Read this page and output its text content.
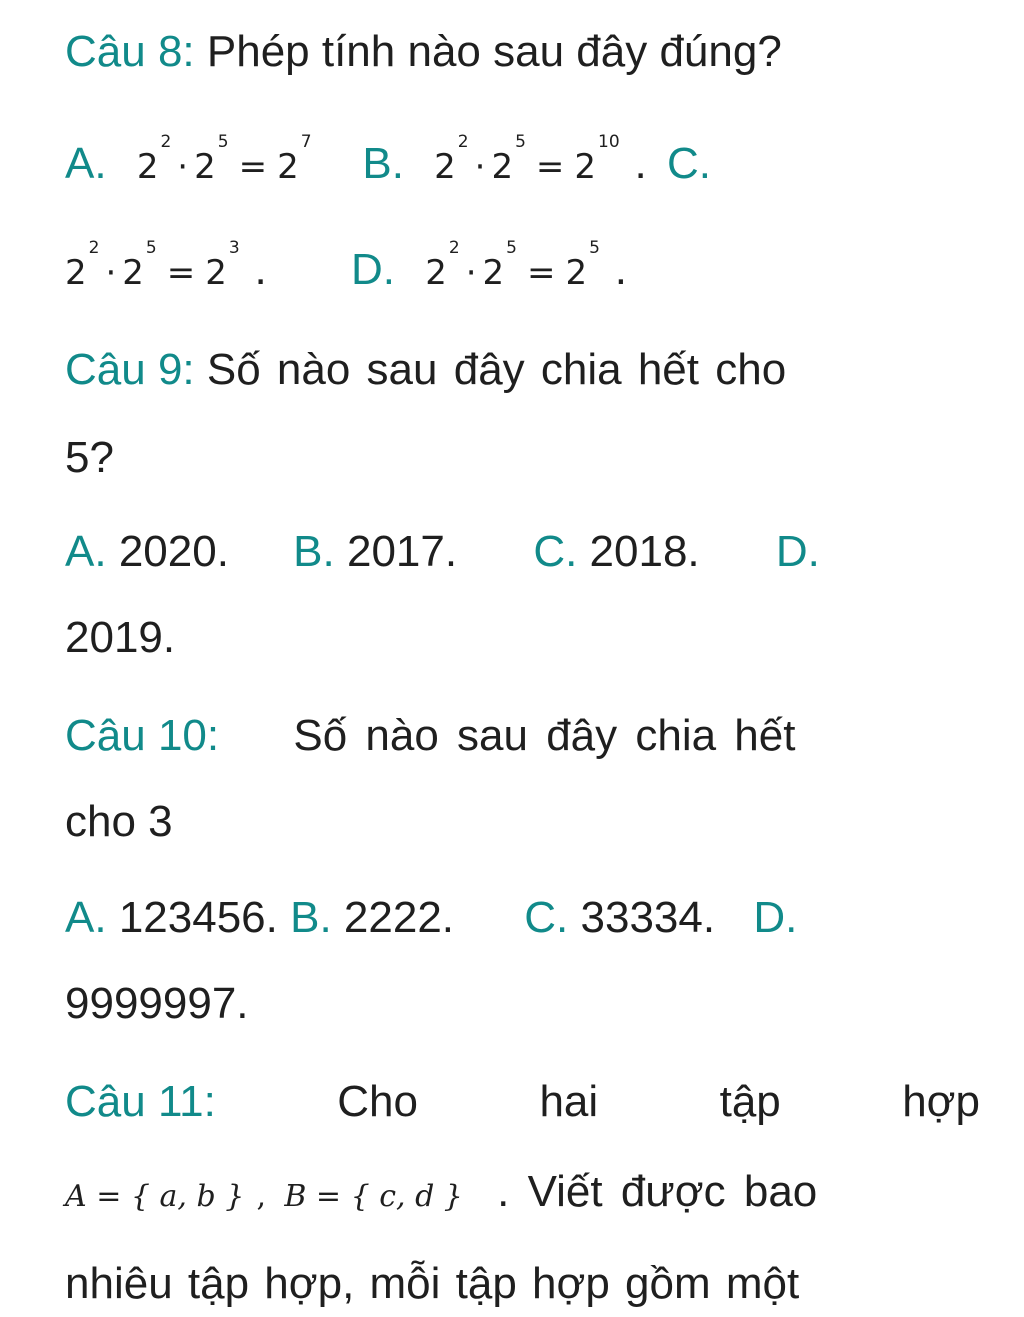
Câu 8: Phép tính nào sau đây đúng?
A. $2^2\cdot 2^5= 2^7$ B. $2^2\cdot 2^5= 2^{10}$ . C.
$2^2\cdot 2^5= 2^3$ . D. $2^2\cdot 2^5= 2^5$ .
Câu 9: Số nào sau đây chia hết cho
5?
A. 2020. B. 2017. C. 2018. D.
2019.
Câu 10: Số nào sau đây chia hết
cho 3
A. 123456. B. 2222. C. 33334. D.
9999997.
Câu 11:	Cho	hai	tập	hợp
A = { a, b } , B = { c, d } . Viết được bao
nhiêu tập hợp, mỗi tập hợp gồm một
